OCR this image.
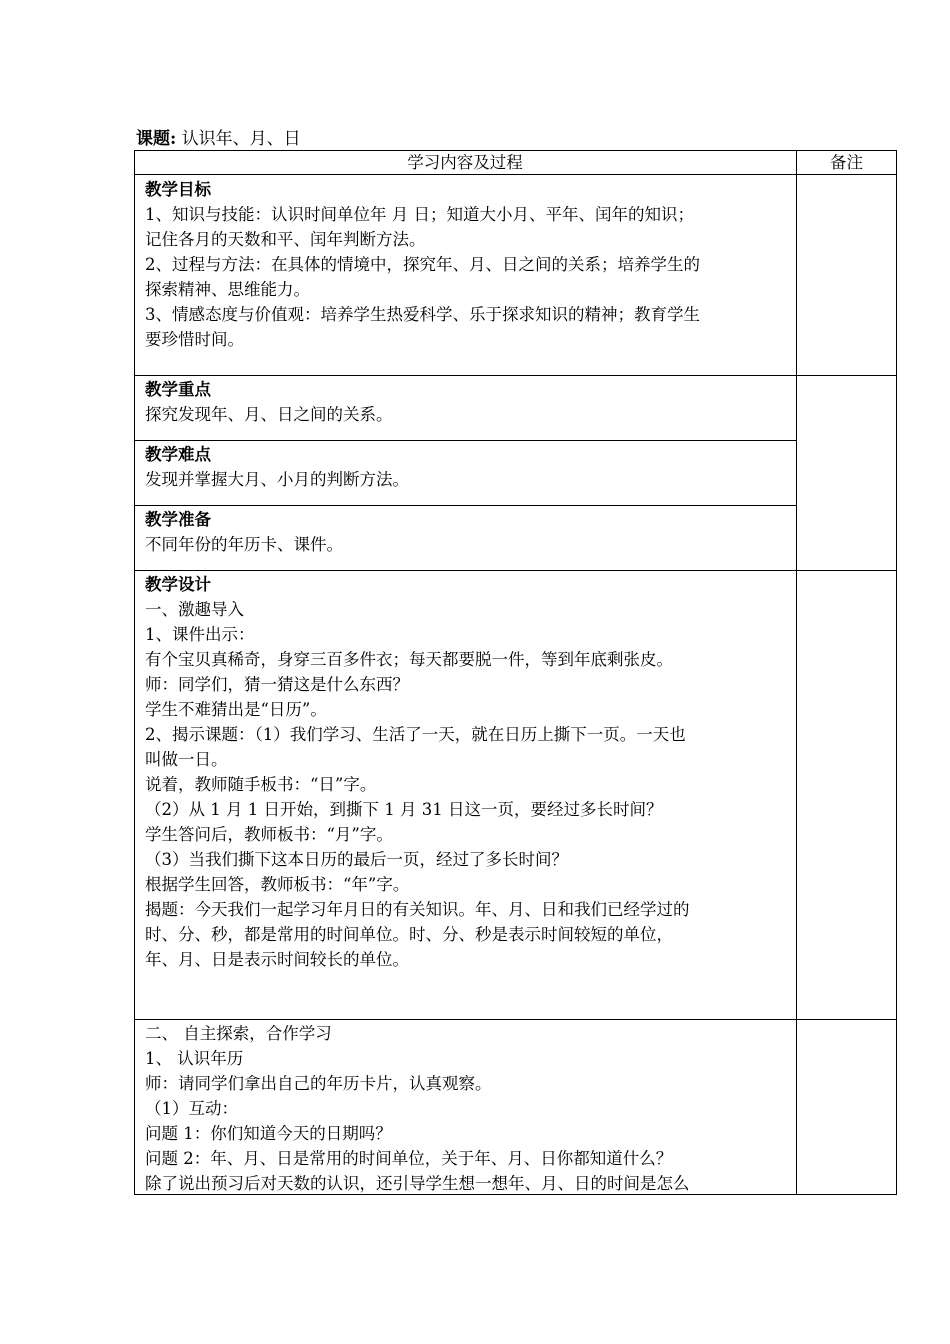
课题: 认识年、月、日
学习内容及过程	备注
教学目标
1、知识与技能：认识时间单位年 月 日；知道大小月、平年、闰年的知识；
记住各月的天数和平、闰年判断方法。
2、过程与方法：在具体的情境中，探究年、月、日之间的关系；培养学生的
探索精神、思维能力。
3、情感态度与价值观：培养学生热爱科学、乐于探求知识的精神；教育学生
要珍惜时间。
教学重点
探究发现年、月、日之间的关系。
教学难点
发现并掌握大月、小月的判断方法。
教学准备
不同年份的年历卡、课件。
教学设计
一、激趣导入
1、课件出示：
有个宝贝真稀奇，身穿三百多件衣；每天都要脱一件，等到年底剩张皮。
师：同学们，猜一猜这是什么东西？
学生不难猜出是“日历”。
2、揭示课题：（1）我们学习、生活了一天，就在日历上撕下一页。一天也
叫做一日。
说着，教师随手板书：“日”字。
（2）从 1 月 1 日开始，到撕下 1 月 31 日这一页，要经过多长时间？
学生答问后，教师板书：“月”字。
（3）当我们撕下这本日历的最后一页，经过了多长时间？
根据学生回答，教师板书：“年”字。
揭题：今天我们一起学习年月日的有关知识。年、月、日和我们已经学过的
时、分、秒，都是常用的时间单位。时、分、秒是表示时间较短的单位，
年、月、日是表示时间较长的单位。
二、 自主探索，合作学习
1、 认识年历
师：请同学们拿出自己的年历卡片，认真观察。
（1）互动：
问题 1：你们知道今天的日期吗？
问题 2：年、月、日是常用的时间单位，关于年、月、日你都知道什么？
除了说出预习后对天数的认识，还引导学生想一想年、月、日的时间是怎么
